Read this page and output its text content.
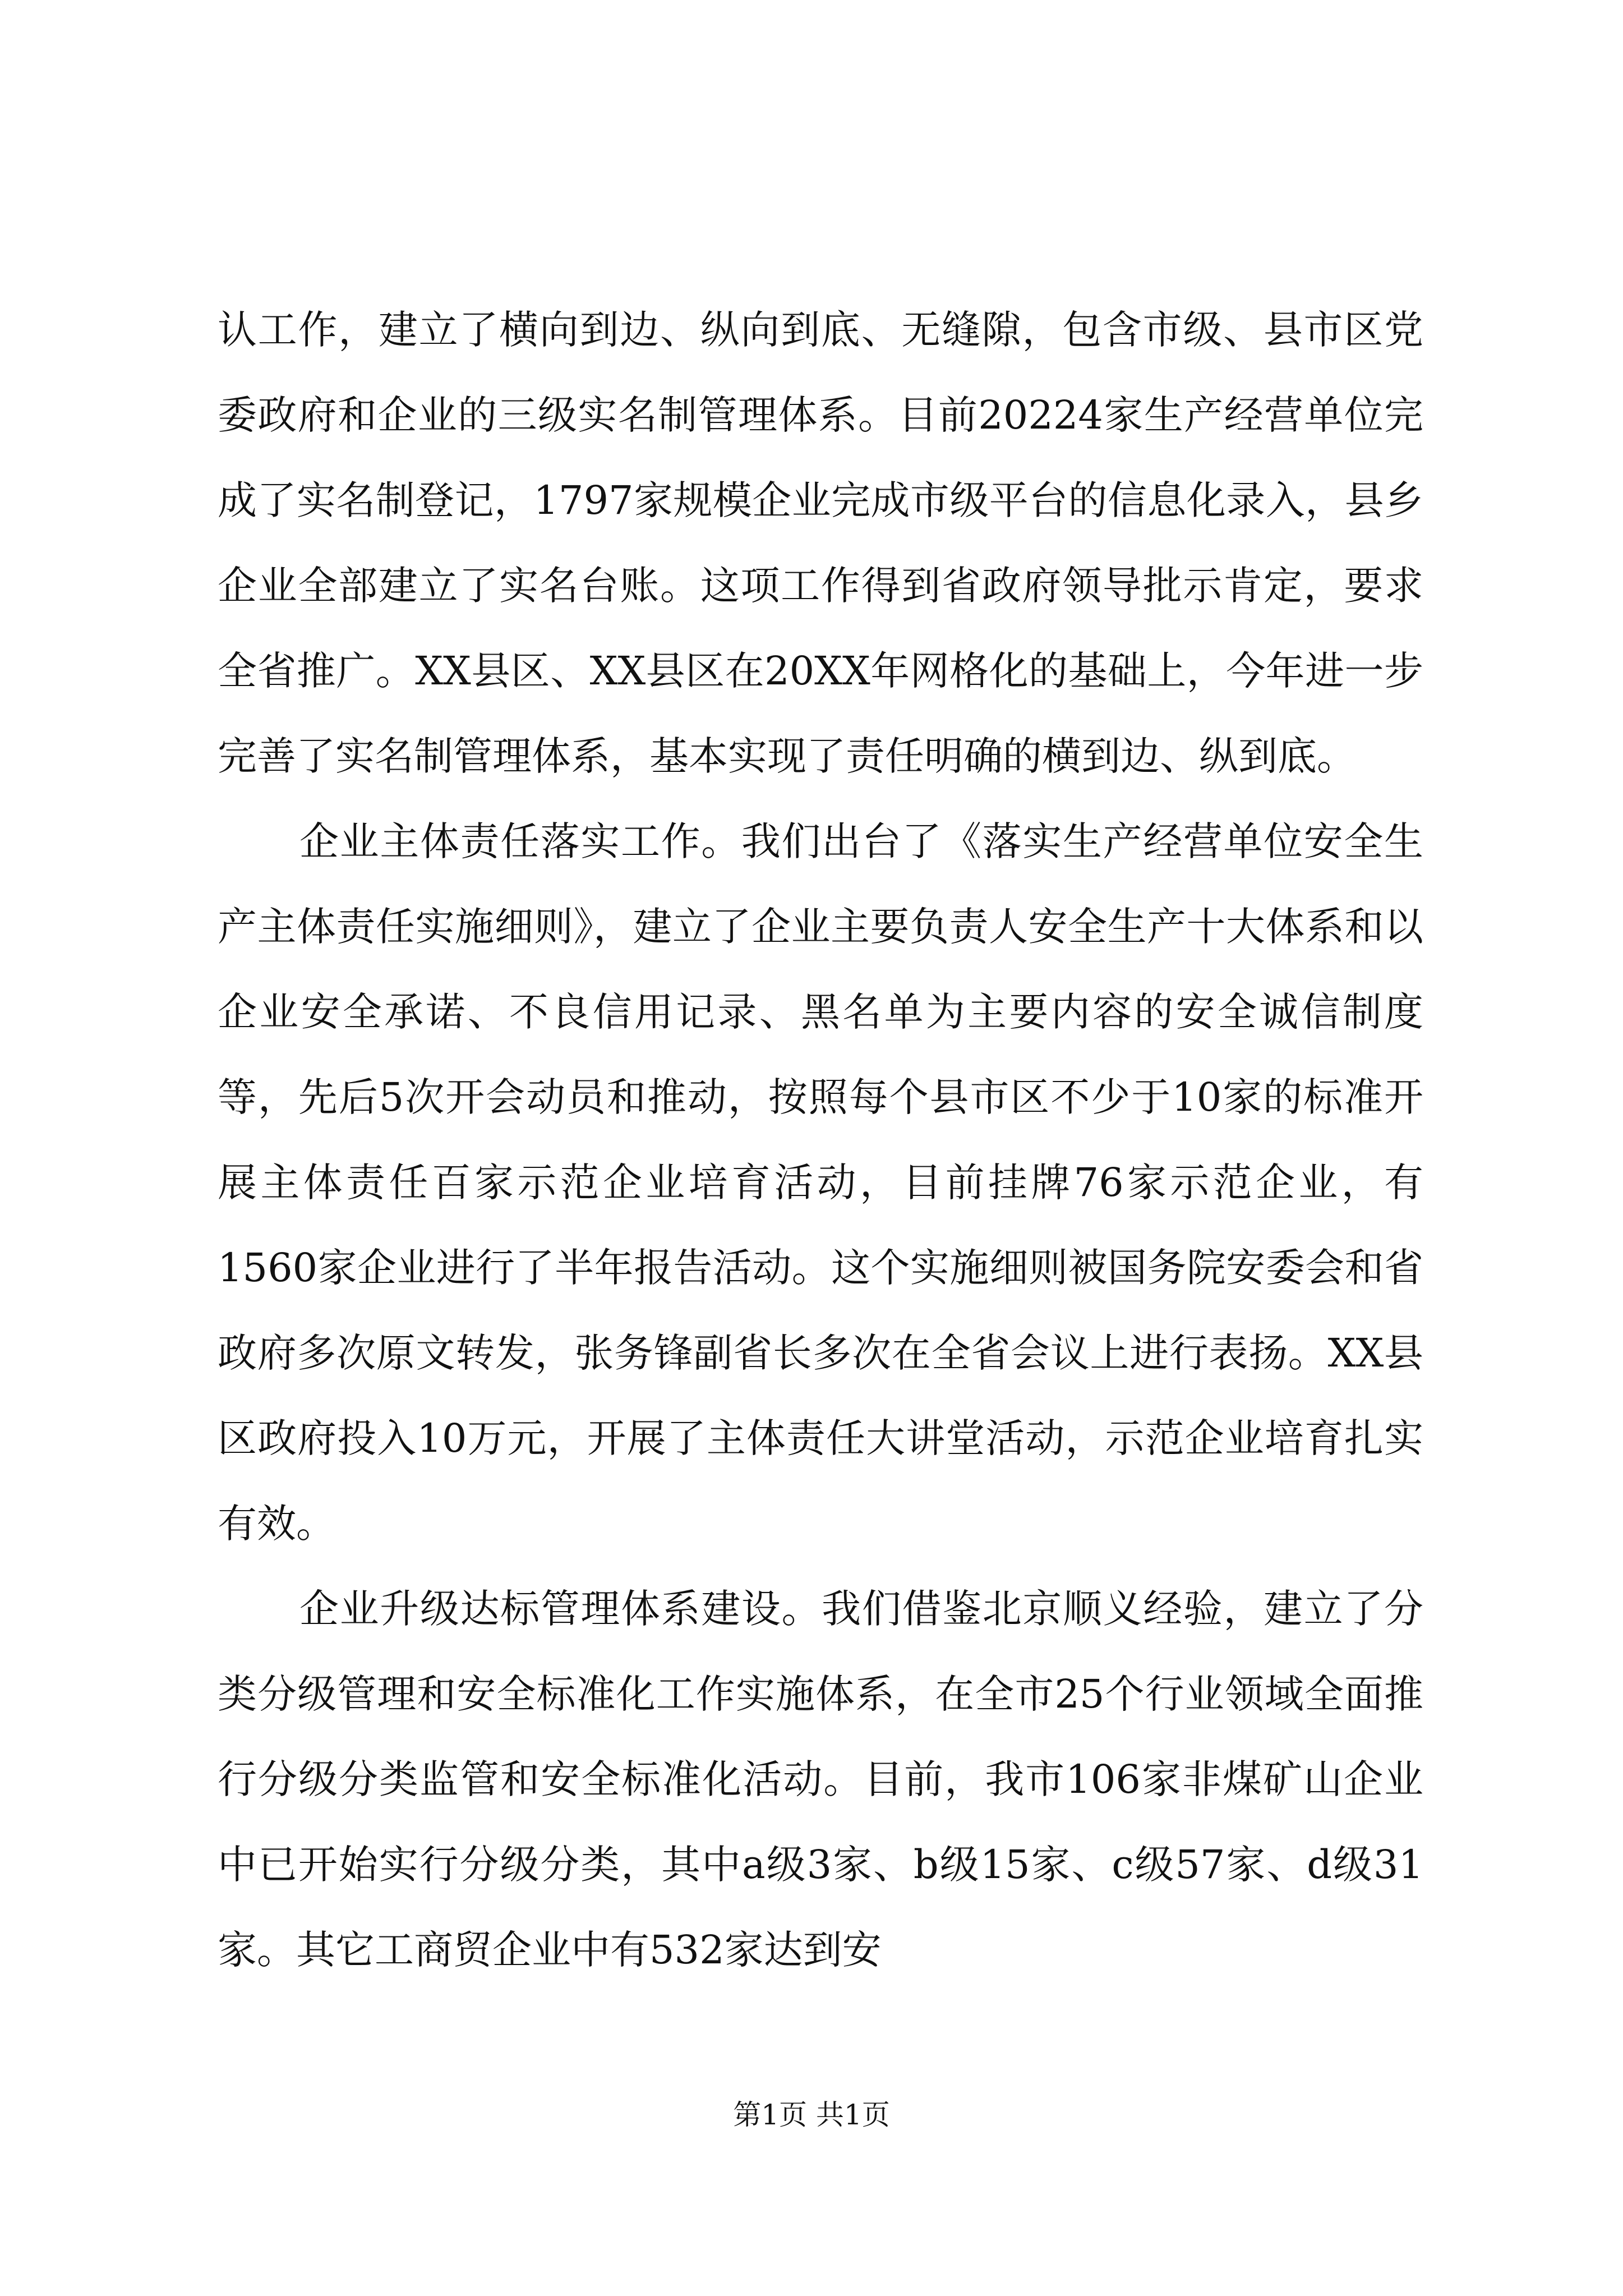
认工作，建立了横向到边、纵向到底、无缝隙，包含市级、县市区党委政府和企业的三级实名制管理体系。目前20224家生产经营单位完成了实名制登记，1797家规模企业完成市级平台的信息化录入，县乡企业全部建立了实名台账。这项工作得到省政府领导批示肯定，要求全省推广。XX县区、XX县区在20XX年网格化的基础上，今年进一步完善了实名制管理体系，基本实现了责任明确的横到边、纵到底。

企业主体责任落实工作。我们出台了《落实生产经营单位安全生产主体责任实施细则》，建立了企业主要负责人安全生产十大体系和以企业安全承诺、不良信用记录、黑名单为主要内容的安全诚信制度等，先后5次开会动员和推动，按照每个县市区不少于10家的标准开展主体责任百家示范企业培育活动，目前挂牌76家示范企业，有1560家企业进行了半年报告活动。这个实施细则被国务院安委会和省政府多次原文转发，张务锋副省长多次在全省会议上进行表扬。XX县区政府投入10万元，开展了主体责任大讲堂活动，示范企业培育扎实有效。

企业升级达标管理体系建设。我们借鉴北京顺义经验，建立了分类分级管理和安全标准化工作实施体系，在全市25个行业领域全面推行分级分类监管和安全标准化活动。目前，我市106家非煤矿山企业中已开始实行分级分类，其中a级3家、b级15家、c级57家、d级31家。其它工商贸企业中有532家达到安

第1页 共1页
